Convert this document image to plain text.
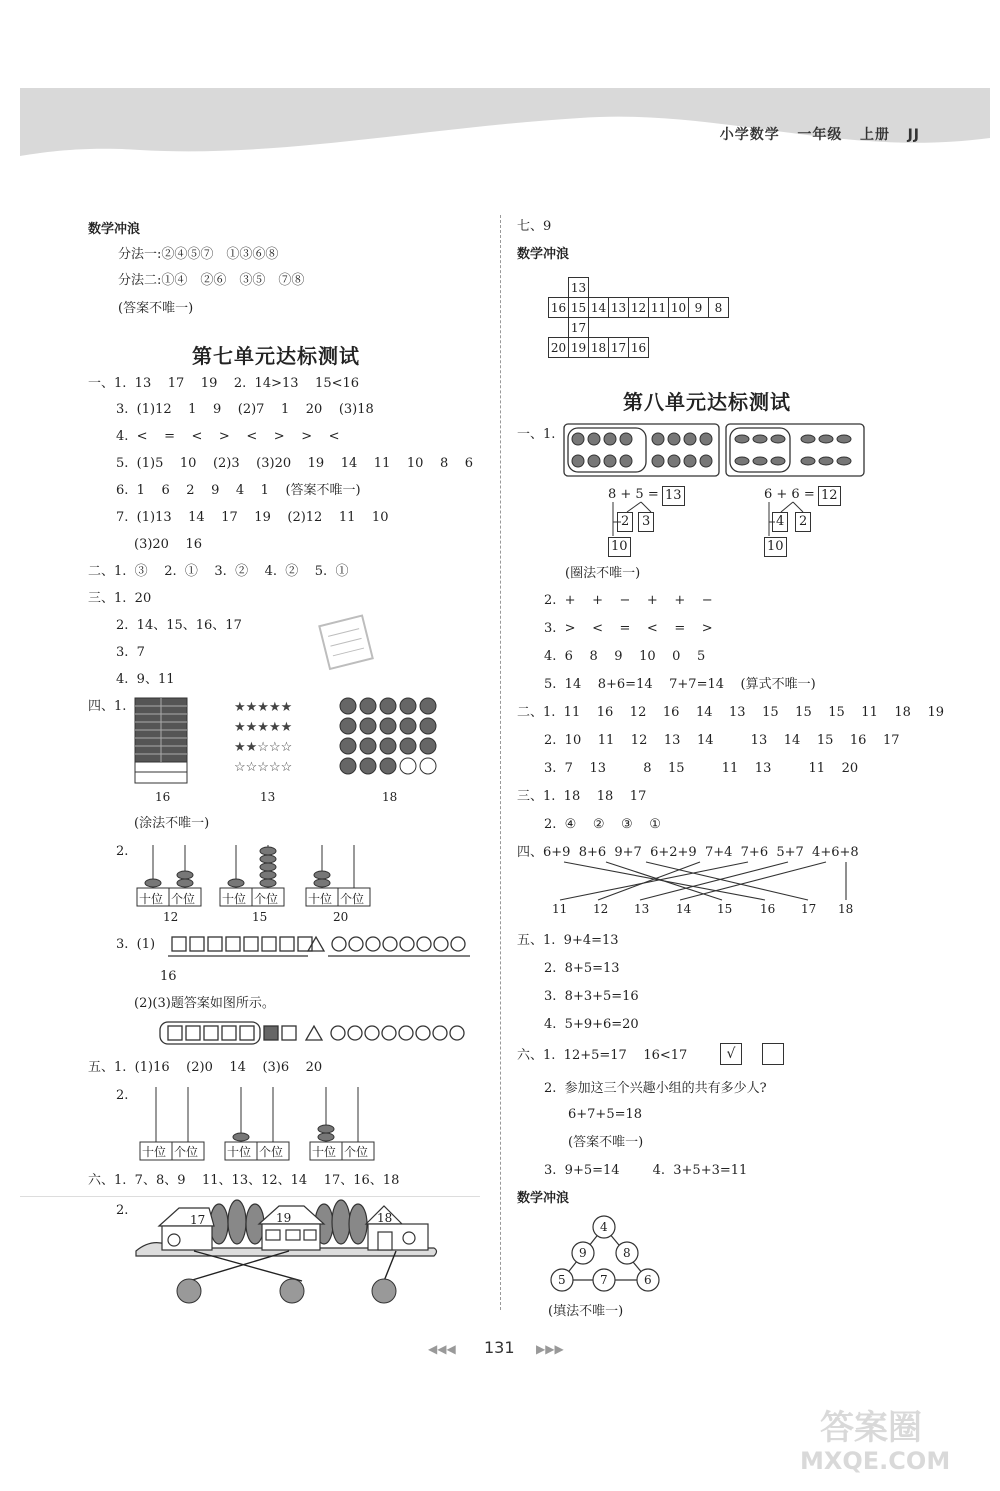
小学数学 一年级 上册 JJ
数学冲浪
分法一:②④⑤⑦　①③⑥⑧
分法二:①④　②⑥　③⑤　⑦⑧
(答案不唯一)
第七单元达标测试
一、1.  13    17    19    2.  14>13    15<16
3.  (1)12    1    9    (2)7    1    20    (3)18
4.  <    =    <    >    <    >    >    <
5.  (1)5    10    (2)3    (3)20    19    14    11    10    8    6
6.  1    6    2    9    4    1    (答案不唯一)
7.  (1)13    14    17    19    (2)12    11    10
(3)20    16
二、1.  ③    2.  ①    3.  ②    4.  ②    5.  ①
三、1.  20
2.  14、15、16、17
3.  7
4.  9、11
四、1.	★★★★★
★★★★★
★★☆☆☆
☆☆☆☆☆
16	13	18
(涂法不唯一)
2.
十位 个位 十位 个位 十位 个位
12	15	20
3.  (1)
16
(2)(3)题答案如图所示。
五、1.  (1)16    (2)0    14    (3)6    20
2.
十位 个位 十位 个位 十位 个位
六、1.  7、8、9    11、13、12、14    17、16、18
2.
17	19	18
七、9
数学冲浪
	13							
16	15	14	13	12	11	10	9	8
	17							
20	19	18	17	16				
第八单元达标测试
一、1.
8 + 5 = 13
2 3
10
6 + 6 = 12
4	2
10
(圈法不唯一)
2.  +    +    −    +    +    −
3.  >    <    =    <    =    >
4.  6    8    9    10    0    5
5.  14    8+6=14    7+7=14    (算式不唯一)
二、1.  11    16    12    16    14    13    15    15    15    11    18    19
2.  10    11    12    13    14         13    14    15    16    17
3.  7    13         8    15         11    13         11    20
三、1.  18    18    17
2.  ④    ②    ③    ①
四、6+9  8+6  9+7  6+2+9  7+4  7+6  5+7  4+6+8
11 12 13 14 15 16 17 18
五、1.  9+4=13
2.  8+5=13
3.  8+3+5=16
4.  5+9+6=20
六、1.  12+5=17    16<17	√
2.  参加这三个兴趣小组的共有多少人?
6+7+5=18
(答案不唯一)
3.  9+5=14        4.  3+5+3=11
数学冲浪
4
9	8
5	7	6
(填法不唯一)
◀◀◀ 131 ▶▶▶
答案圈
MXQE.COM
